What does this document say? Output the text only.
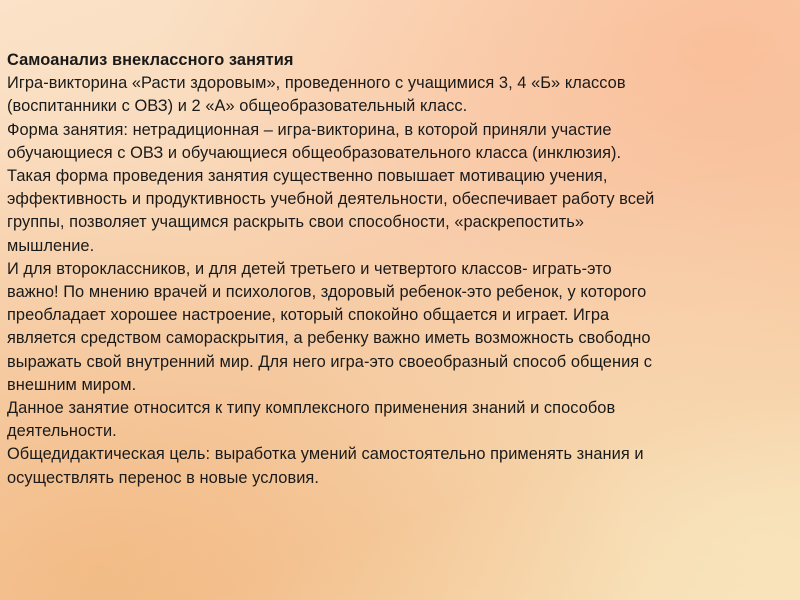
Самоанализ внеклассного занятия
Игра-викторина «Расти здоровым», проведенного с учащимися 3, 4 «Б» классов
(воспитанники с ОВЗ) и 2 «А» общеобразовательный класс.
Форма занятия: нетрадиционная – игра-викторина, в которой приняли участие
обучающиеся с ОВЗ и обучающиеся общеобразовательного класса (инклюзия).
Такая форма проведения занятия существенно повышает мотивацию учения,
эффективность и продуктивность учебной деятельности, обеспечивает работу всей
группы, позволяет учащимся раскрыть свои способности, «раскрепостить»
мышление.
И для второклассников, и для детей третьего и четвертого классов- играть-это
важно! По мнению врачей и психологов, здоровый ребенок-это ребенок, у которого
преобладает хорошее настроение, который спокойно общается и играет. Игра
является средством самораскрытия, а ребенку важно иметь возможность свободно
выражать свой внутренний мир. Для него игра-это своеобразный способ общения с
внешним миром.
Данное занятие относится к типу комплексного применения знаний и способов
деятельности.
Общедидактическая цель: выработка умений самостоятельно применять знания и
осуществлять перенос в новые условия.
